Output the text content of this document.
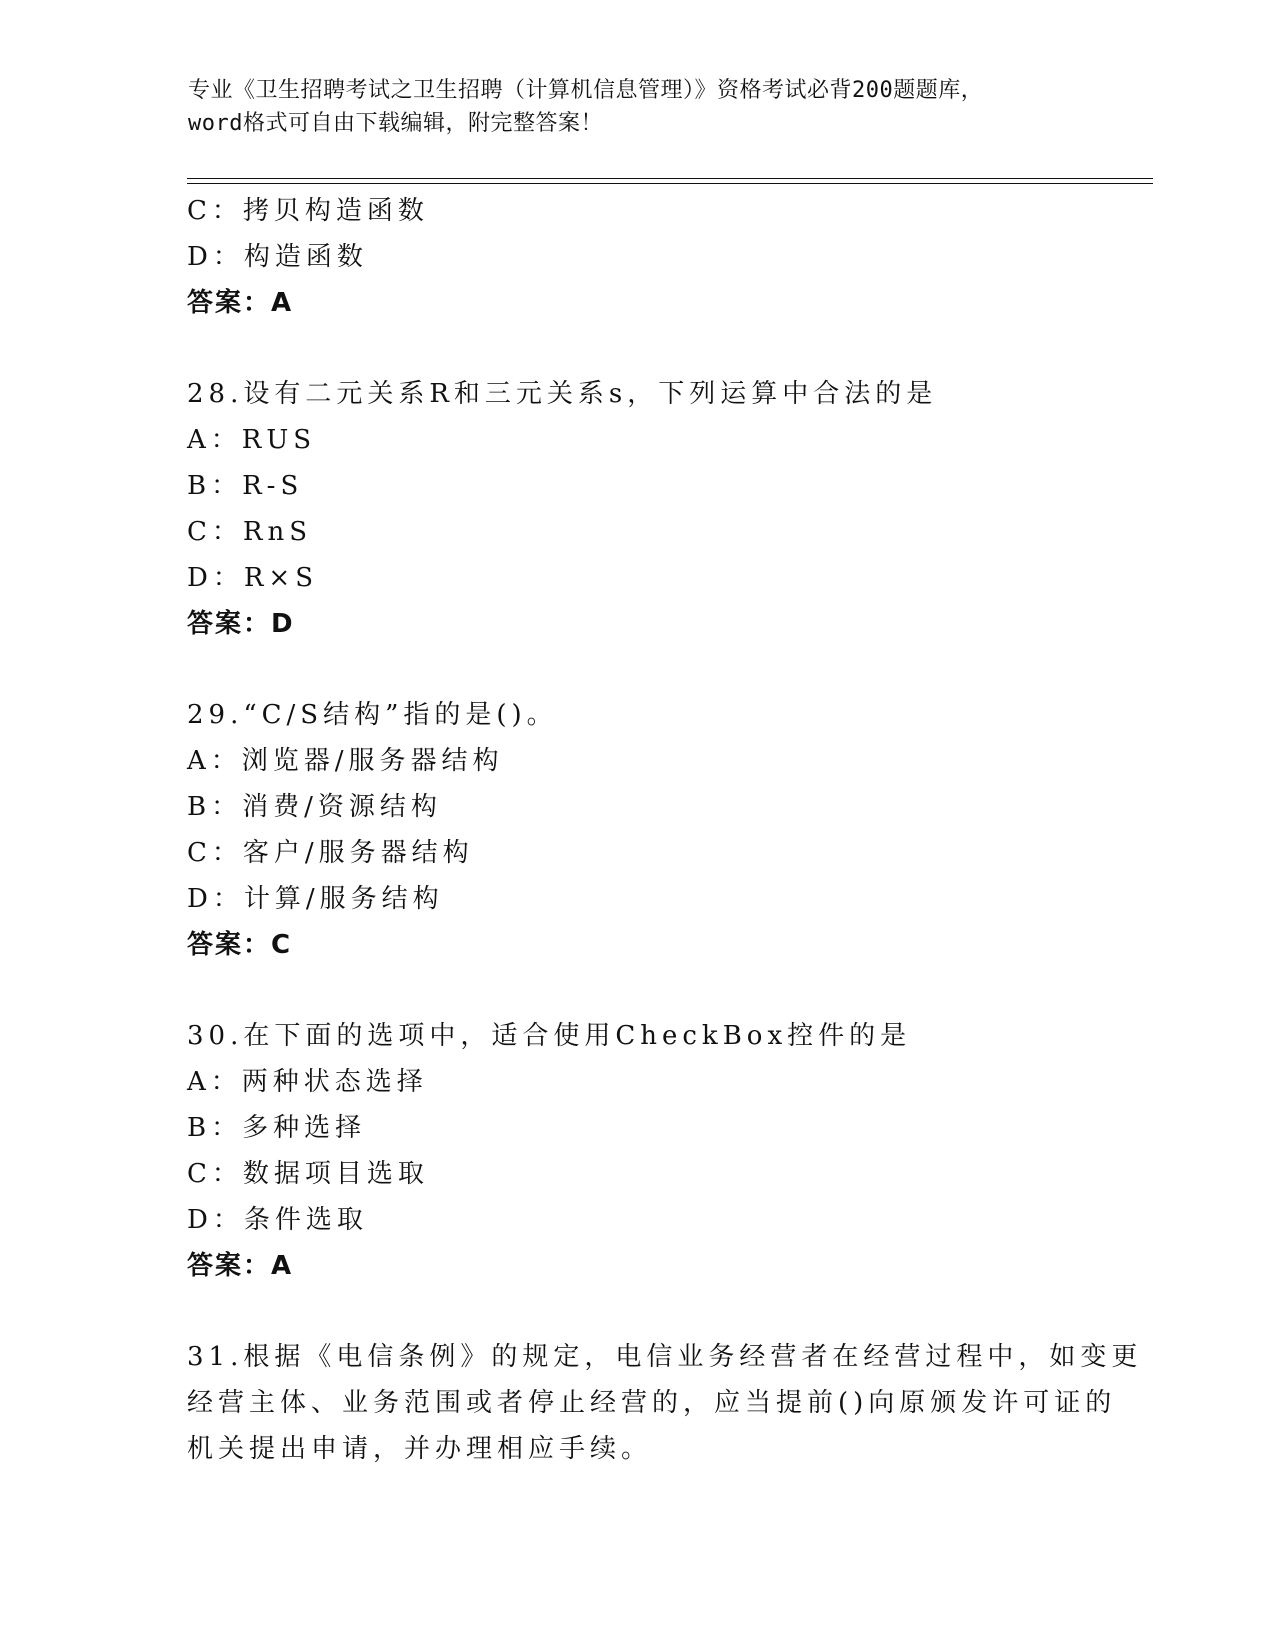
专业《卫生招聘考试之卫生招聘（计算机信息管理）》资格考试必背200题题库，
word格式可自由下载编辑，附完整答案！
C：拷贝构造函数
D：构造函数
答案：A
28.设有二元关系R和三元关系s，下列运算中合法的是
A：RUS
B：R-S
C：RnS
D：R×S
答案：D
29.“C/S结构”指的是()。
A：浏览器/服务器结构
B：消费/资源结构
C：客户/服务器结构
D：计算/服务结构
答案：C
30.在下面的选项中，适合使用CheckBox控件的是
A：两种状态选择
B：多种选择
C：数据项目选取
D：条件选取
答案：A
31.根据《电信条例》的规定，电信业务经营者在经营过程中，如变更
经营主体、业务范围或者停止经营的，应当提前()向原颁发许可证的
机关提出申请，并办理相应手续。
